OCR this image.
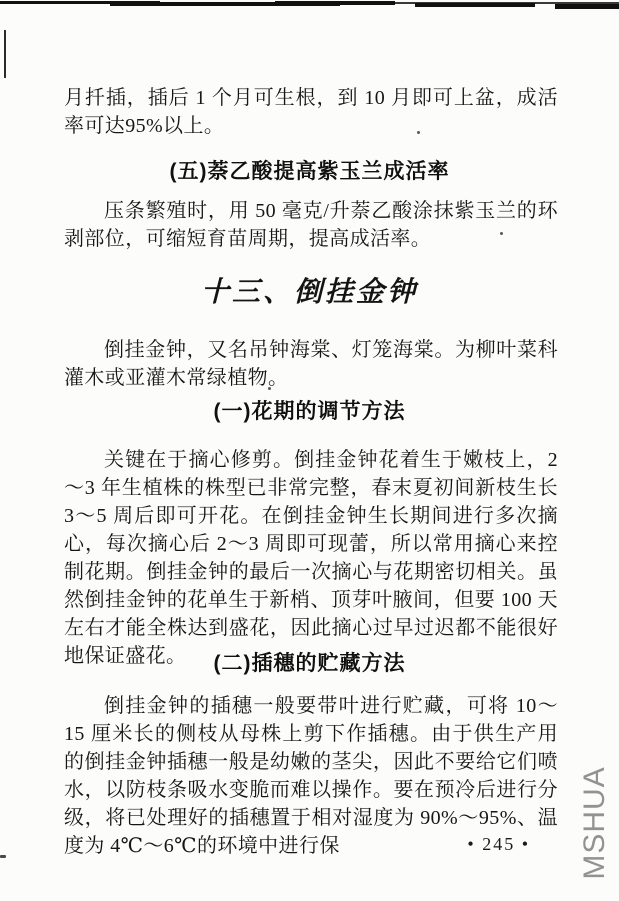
月扦插，插后 1 个月可生根，到 10 月即可上盆，成活率可达95%以上。

(五)萘乙酸提高紫玉兰成活率

压条繁殖时，用 50 毫克/升萘乙酸涂抹紫玉兰的环剥部位，可缩短育苗周期，提高成活率。

十三、倒挂金钟

倒挂金钟，又名吊钟海棠、灯笼海棠。为柳叶菜科灌木或亚灌木常绿植物。

(一)花期的调节方法

关键在于摘心修剪。倒挂金钟花着生于嫩枝上，2～3 年生植株的株型已非常完整，春末夏初间新枝生长 3～5 周后即可开花。在倒挂金钟生长期间进行多次摘心，每次摘心后 2～3 周即可现蕾，所以常用摘心来控制花期。倒挂金钟的最后一次摘心与花期密切相关。虽然倒挂金钟的花单生于新梢、顶芽叶腋间，但要 100 天左右才能全株达到盛花，因此摘心过早过迟都不能很好地保证盛花。	(二)插穗的贮藏方法

倒挂金钟的插穗一般要带叶进行贮藏，可将 10～15 厘米长的侧枝从母株上剪下作插穗。由于供生产用的倒挂金钟插穗一般是幼嫩的茎尖，因此不要给它们喷水，以防枝条吸水变脆而难以操作。要在预冷后进行分级，将已处理好的插穗置于相对湿度为 90%～95%、温度为 4℃～6℃的环境中进行保	• 245 • MSHUA
